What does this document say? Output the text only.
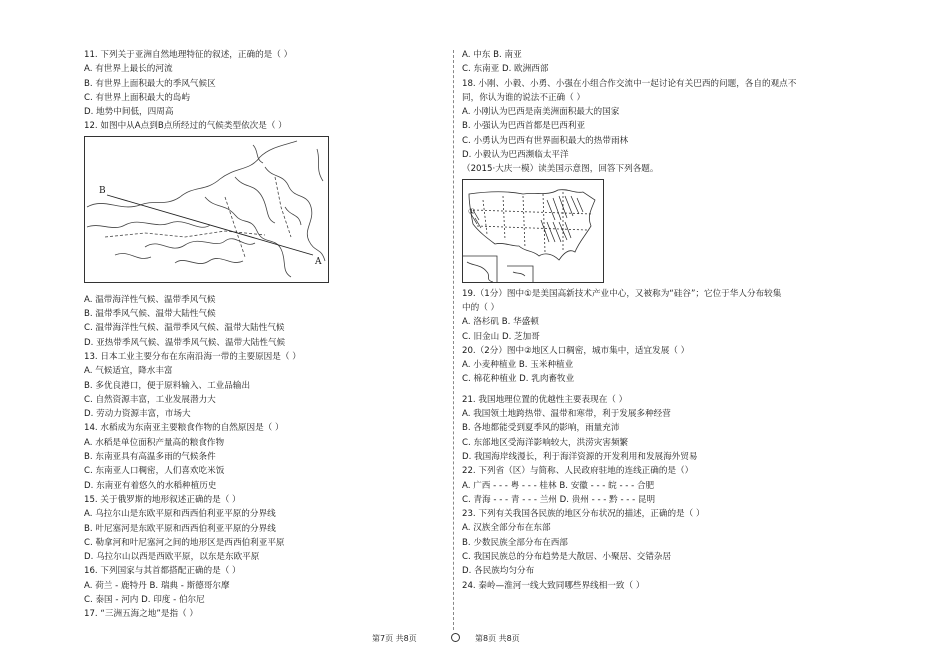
11. 下列关于亚洲自然地理特征的叙述，正确的是（ ）
A. 有世界上最长的河流
B. 有世界上面积最大的季风气候区
C. 有世界上面积最大的岛屿
D. 地势中间低，四周高
12. 如图中从A点到B点所经过的气候类型依次是（ ）
B
A
A. 温带海洋性气候、温带季风气候
B. 温带季风气候、温带大陆性气候
C. 温带海洋性气候、温带季风气候、温带大陆性气候
D. 亚热带季风气候、温带季风气候、温带大陆性气候
13. 日本工业主要分布在东南沿海一带的主要原因是（ ）
A. 气候适宜，降水丰富
B. 多优良港口，便于原料输入、工业品输出
C. 自然资源丰富，工业发展潜力大
D. 劳动力资源丰富，市场大
14. 水稻成为东南亚主要粮食作物的自然原因是（ ）
A. 水稻是单位面积产量高的粮食作物
B. 东南亚具有高温多雨的气候条件
C. 东南亚人口稠密，人们喜欢吃米饭
D. 东南亚有着悠久的水稻种植历史
15. 关于俄罗斯的地形叙述正确的是（ ）
A. 乌拉尔山是东欧平原和西西伯利亚平原的分界线
B. 叶尼塞河是东欧平原和西西伯利亚平原的分界线
C. 勒拿河和叶尼塞河之间的地形区是西西伯利亚平原
D. 乌拉尔山以西是西欧平原，以东是东欧平原
16. 下列国家与其首都搭配正确的是（ ）
A. 荷兰 - 鹿特丹 B. 瑞典 - 斯德哥尔摩
C. 泰国 - 河内 D. 印度 - 伯尔尼
17. “三洲五海之地”是指（ ）
A. 中东 B. 南亚
C. 东南亚 D. 欧洲西部
18. 小刚、小毅、小勇、小强在小组合作交流中一起讨论有关巴西的问题，各自的观点不
同，你认为谁的说法不正确（ ）
A. 小刚认为巴西是南美洲面积最大的国家
B. 小强认为巴西首都是巴西利亚
C. 小勇认为巴西有世界面积最大的热带雨林
D. 小毅认为巴西濒临太平洋
（2015·大庆一模）读美国示意图，回答下列各题。
①
19.（1分）图中①是美国高新技术产业中心，又被称为“硅谷”；它位于华人分布较集
中的（ ）
A. 洛杉矶 B. 华盛顿
C. 旧金山 D. 芝加哥
20.（2分）图中②地区人口稠密，城市集中，适宜发展（ ）
A. 小麦种植业 B. 玉米种植业
C. 棉花种植业 D. 乳肉畜牧业
21. 我国地理位置的优越性主要表现在（ ）
A. 我国领土地跨热带、温带和寒带，利于发展多种经营
B. 各地都能受到夏季风的影响，雨量充沛
C. 东部地区受海洋影响较大，洪涝灾害频繁
D. 我国海岸线漫长，利于海洋资源的开发利用和发展海外贸易
22. 下列省（区）与简称、人民政府驻地的连线正确的是（）
A. 广西 - - - 粤 - - - 桂林 B. 安徽 - - - 皖 - - - 合肥
C. 青海 - - - 青 - - - 兰州 D. 贵州 - - - 黔 - - - 昆明
23. 下列有关我国各民族的地区分布状况的描述，正确的是（ ）
A. 汉族全部分布在东部
B. 少数民族全部分布在西部
C. 我国民族总的分布趋势是大散居、小聚居、交错杂居
D. 各民族均匀分布
24. 秦岭—淮河一线大致同哪些界线相一致（ ）
第7页 共8页	第8页 共8页
